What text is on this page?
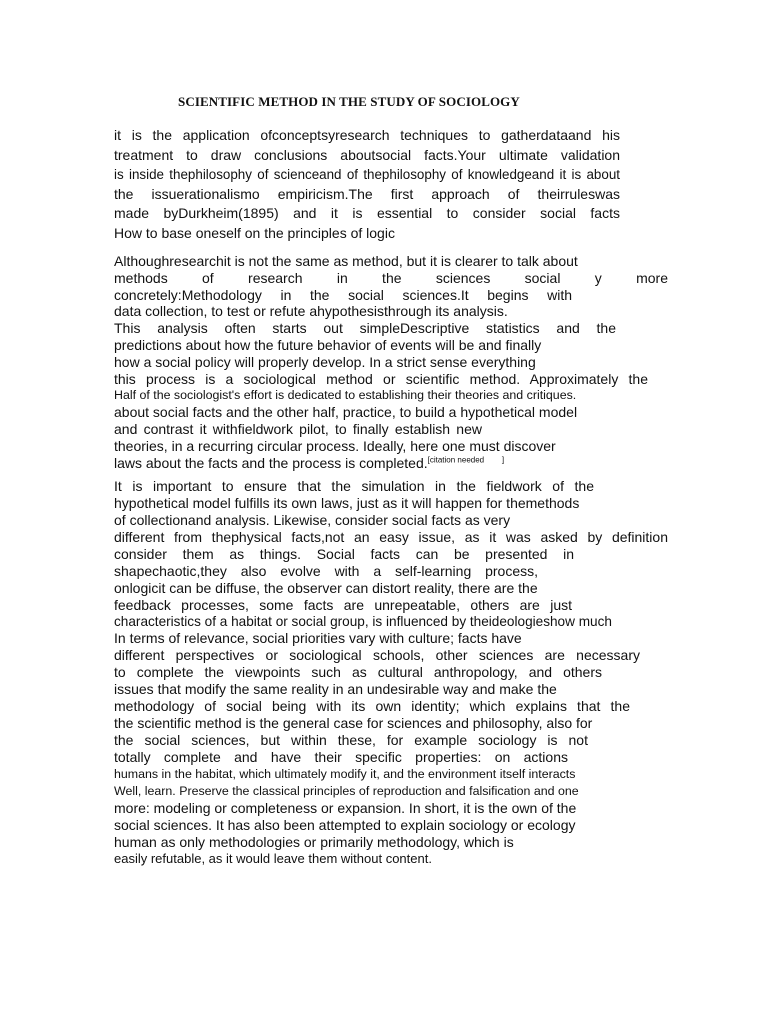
SCIENTIFIC METHOD IN THE STUDY OF SOCIOLOGY
it is the application ofconceptsyresearch techniques to gatherdataand his
treatment to draw conclusions aboutsocial facts.Your ultimate validation
is inside thephilosophy of scienceand of thephilosophy of knowledgeand it is about
the issuerationalismo empiricism.The first approach of theirruleswas
made byDurkheim(1895) and it is essential to consider social facts
How to base oneself on the principles of logic
Althoughresearchit is not the same as method, but it is clearer to talk about
methods of research in the sciences social y more
concretely:Methodology in the social sciences.It begins with
data collection, to test or refute ahypothesisthrough its analysis.
This analysis often starts out simpleDescriptive statistics and the
predictions about how the future behavior of events will be and finally
how a social policy will properly develop. In a strict sense everything
this process is a sociological method or scientific method. Approximately the
Half of the sociologist's effort is dedicated to establishing their theories and critiques.
about social facts and the other half, practice, to build a hypothetical model
and contrast it withfieldwork pilot, to finally establish new
theories, in a recurring circular process. Ideally, here one must discover
laws about the facts and the process is completed.[citation needed        ]
It is important to ensure that the simulation in the fieldwork of the
hypothetical model fulfills its own laws, just as it will happen for themethods
of collectionand analysis. Likewise, consider social facts as very
different from thephysical facts,not an easy issue, as it was asked by definition
consider them as things. Social facts can be presented in
shapechaotic,they also evolve with a self-learning process,
onlogicit can be diffuse, the observer can distort reality, there are the
feedback processes, some facts are unrepeatable, others are just
characteristics of a habitat or social group, is influenced by theideologieshow much
In terms of relevance, social priorities vary with culture; facts have
different perspectives or sociological schools, other sciences are necessary
to complete the viewpoints such as cultural anthropology, and others
issues that modify the same reality in an undesirable way and make the
methodology of social being with its own identity; which explains that the
the scientific method is the general case for sciences and philosophy, also for
the social sciences, but within these, for example sociology is not
totally complete and have their specific properties: on actions
humans in the habitat, which ultimately modify it, and the environment itself interacts
Well, learn. Preserve the classical principles of reproduction and falsification and one
more: modeling or completeness or expansion. In short, it is the own of the
social sciences. It has also been attempted to explain sociology or ecology
human as only methodologies or primarily methodology, which is
easily refutable, as it would leave them without content.
